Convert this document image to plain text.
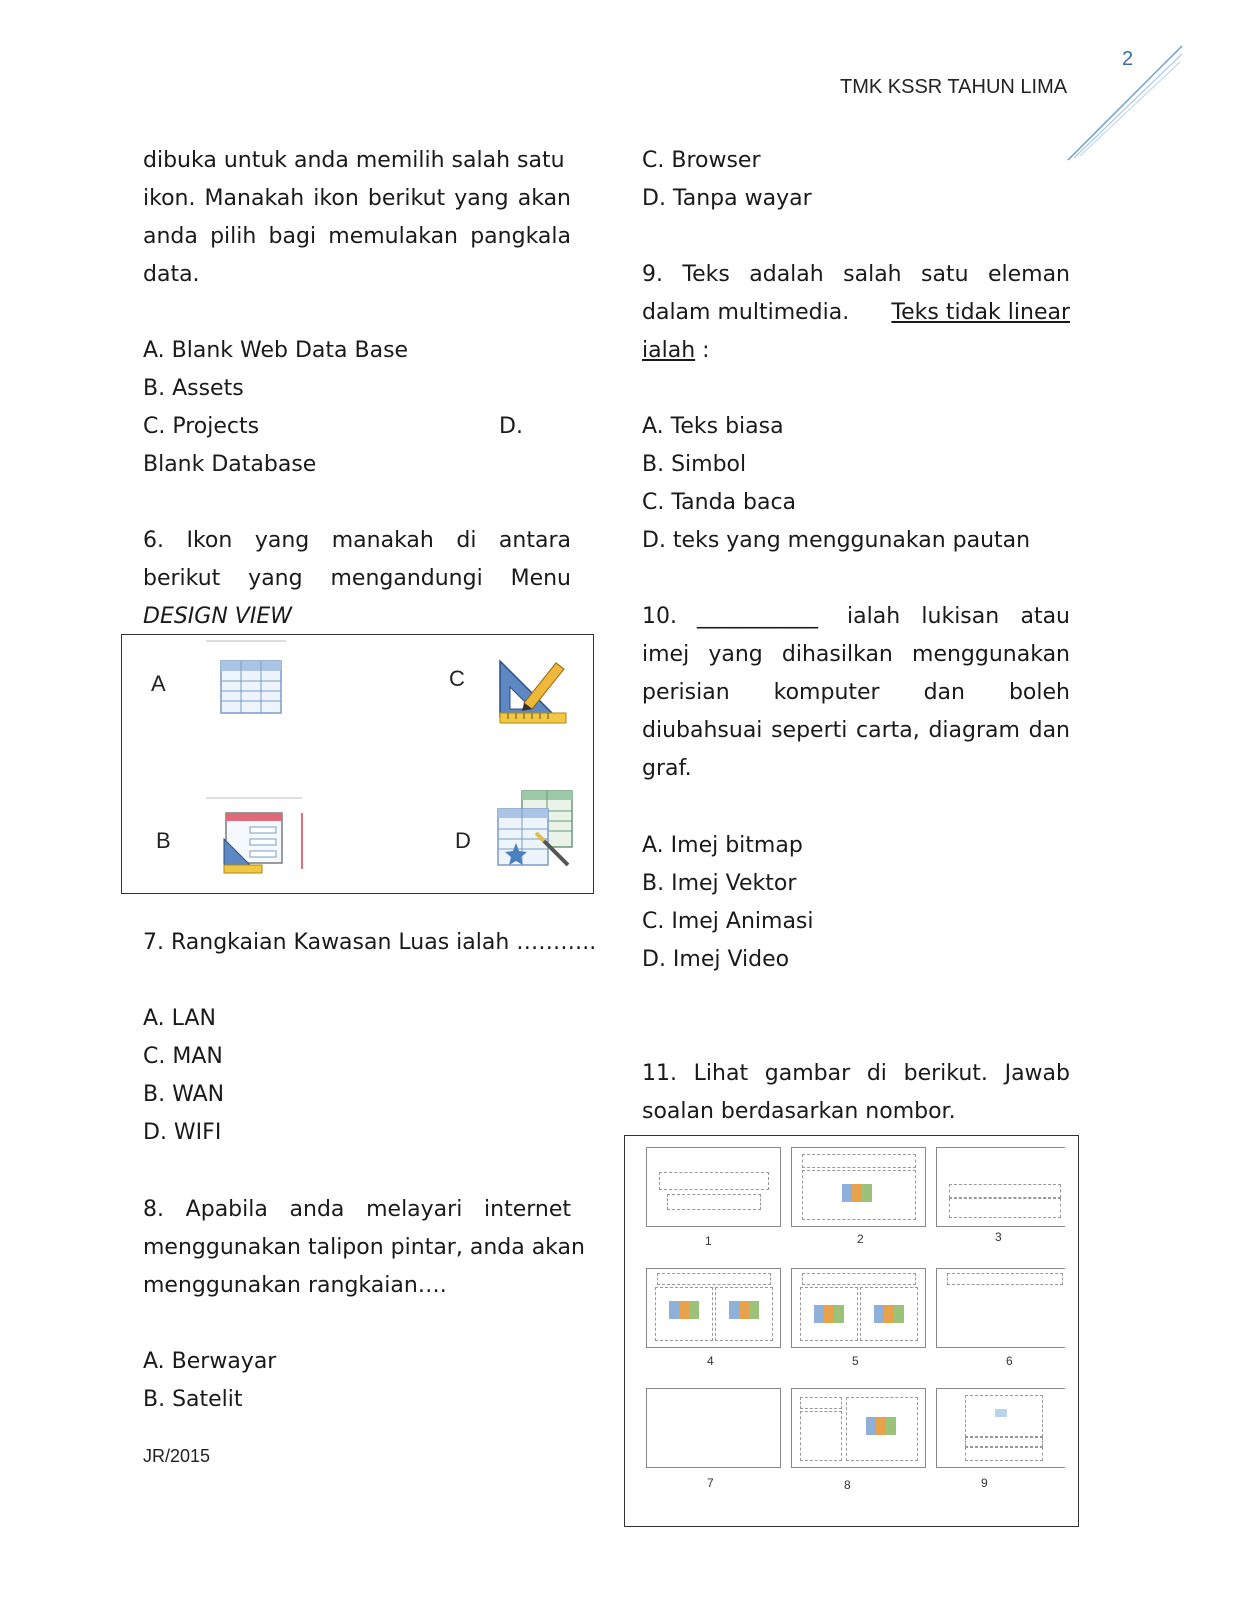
2
TMK KSSR TAHUN LIMA
JR/2015
dibuka untuk anda memilih salah satu
ikon. Manakah ikon berikut yang akan
anda pilih bagi memulakan pangkala
data.
A. Blank Web Data Base
B. Assets
C. Projects	D.
Blank Database
6. Ikon yang manakah di antara
berikut yang mengandungi Menu
DESIGN VIEW
A	C
B	D
7. Rangkaian Kawasan Luas ialah ………..
A. LAN
C. MAN
B. WAN
D. WIFI
8. Apabila anda melayari internet
menggunakan talipon pintar, anda akan
menggunakan rangkaian….
A. Berwayar
B. Satelit
C. Browser
D. Tanpa wayar
9. Teks adalah salah satu eleman
dalam multimedia. Teks tidak linear
ialah :
A. Teks biasa
B. Simbol
C. Tanda baca
D. teks yang menggunakan pautan
10. ___________ ialah lukisan atau
imej yang dihasilkan menggunakan
perisian komputer dan boleh
diubahsuai seperti carta, diagram dan
graf.
A. Imej bitmap
B. Imej Vektor
C. Imej Animasi
D. Imej Video
11. Lihat gambar di berikut. Jawab
soalan berdasarkan nombor.
1	2	3
4	5	6
7	8	9
